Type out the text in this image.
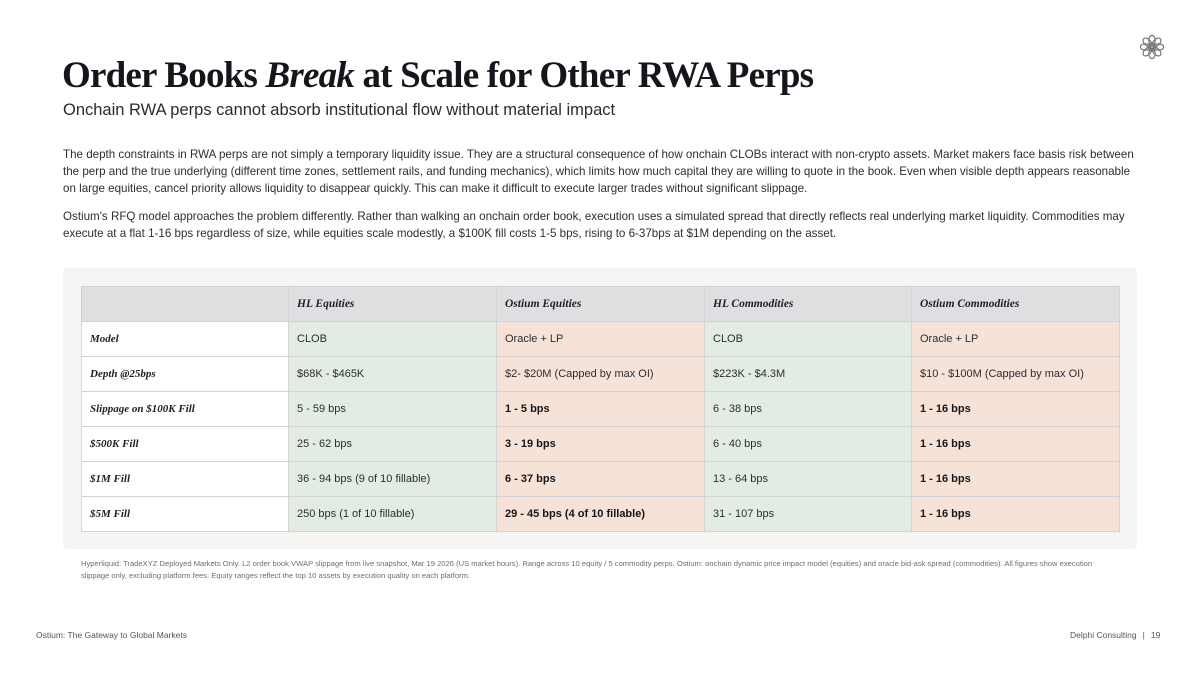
Order Books Break at Scale for Other RWA Perps
Onchain RWA perps cannot absorb institutional flow without material impact

The depth constraints in RWA perps are not simply a temporary liquidity issue. They are a structural consequence of how onchain CLOBs interact with non-crypto assets. Market makers face basis risk between the perp and the true underlying (different time zones, settlement rails, and funding mechanics), which limits how much capital they are willing to quote in the book. Even when visible depth appears reasonable on large equities, cancel priority allows liquidity to disappear quickly. This can make it difficult to execute larger trades without significant slippage.

Ostium's RFQ model approaches the problem differently. Rather than walking an onchain order book, execution uses a simulated spread that directly reflects real underlying market liquidity. Commodities may execute at a flat 1-16 bps regardless of size, while equities scale modestly, a $100K fill costs 1-5 bps, rising to 6-37bps at $1M depending on the asset.

	HL Equities	Ostium Equities	HL Commodities	Ostium Commodities
Model	CLOB	Oracle + LP	CLOB	Oracle + LP
Depth @25bps	$68K - $465K	$2- $20M (Capped by max OI)	$223K - $4.3M	$10 - $100M (Capped by max OI)
Slippage on $100K Fill	5 - 59 bps	1 - 5 bps	6 - 38 bps	1 - 16 bps
$500K Fill	25 - 62 bps	3 - 19 bps	6 - 40 bps	1 - 16 bps
$1M Fill	36 - 94 bps (9 of 10 fillable)	6 - 37 bps	13 - 64 bps	1 - 16 bps
$5M Fill	250 bps (1 of 10 fillable)	29 - 45 bps (4 of 10 fillable)	31 - 107 bps	1 - 16 bps

Hyperliquid: TradeXYZ Deployed Markets Only. L2 order book VWAP slippage from live snapshot, Mar 19 2026 (US market hours). Range across 10 equity / 5 commodity perps. Ostium: onchain dynamic price impact model (equities) and oracle bid-ask spread (commodities). All figures show execution slippage only, excluding platform fees. Equity ranges reflect the top 10 assets by execution quality on each platform.

Ostium: The Gateway to Global Markets	Delphi Consulting | 19
